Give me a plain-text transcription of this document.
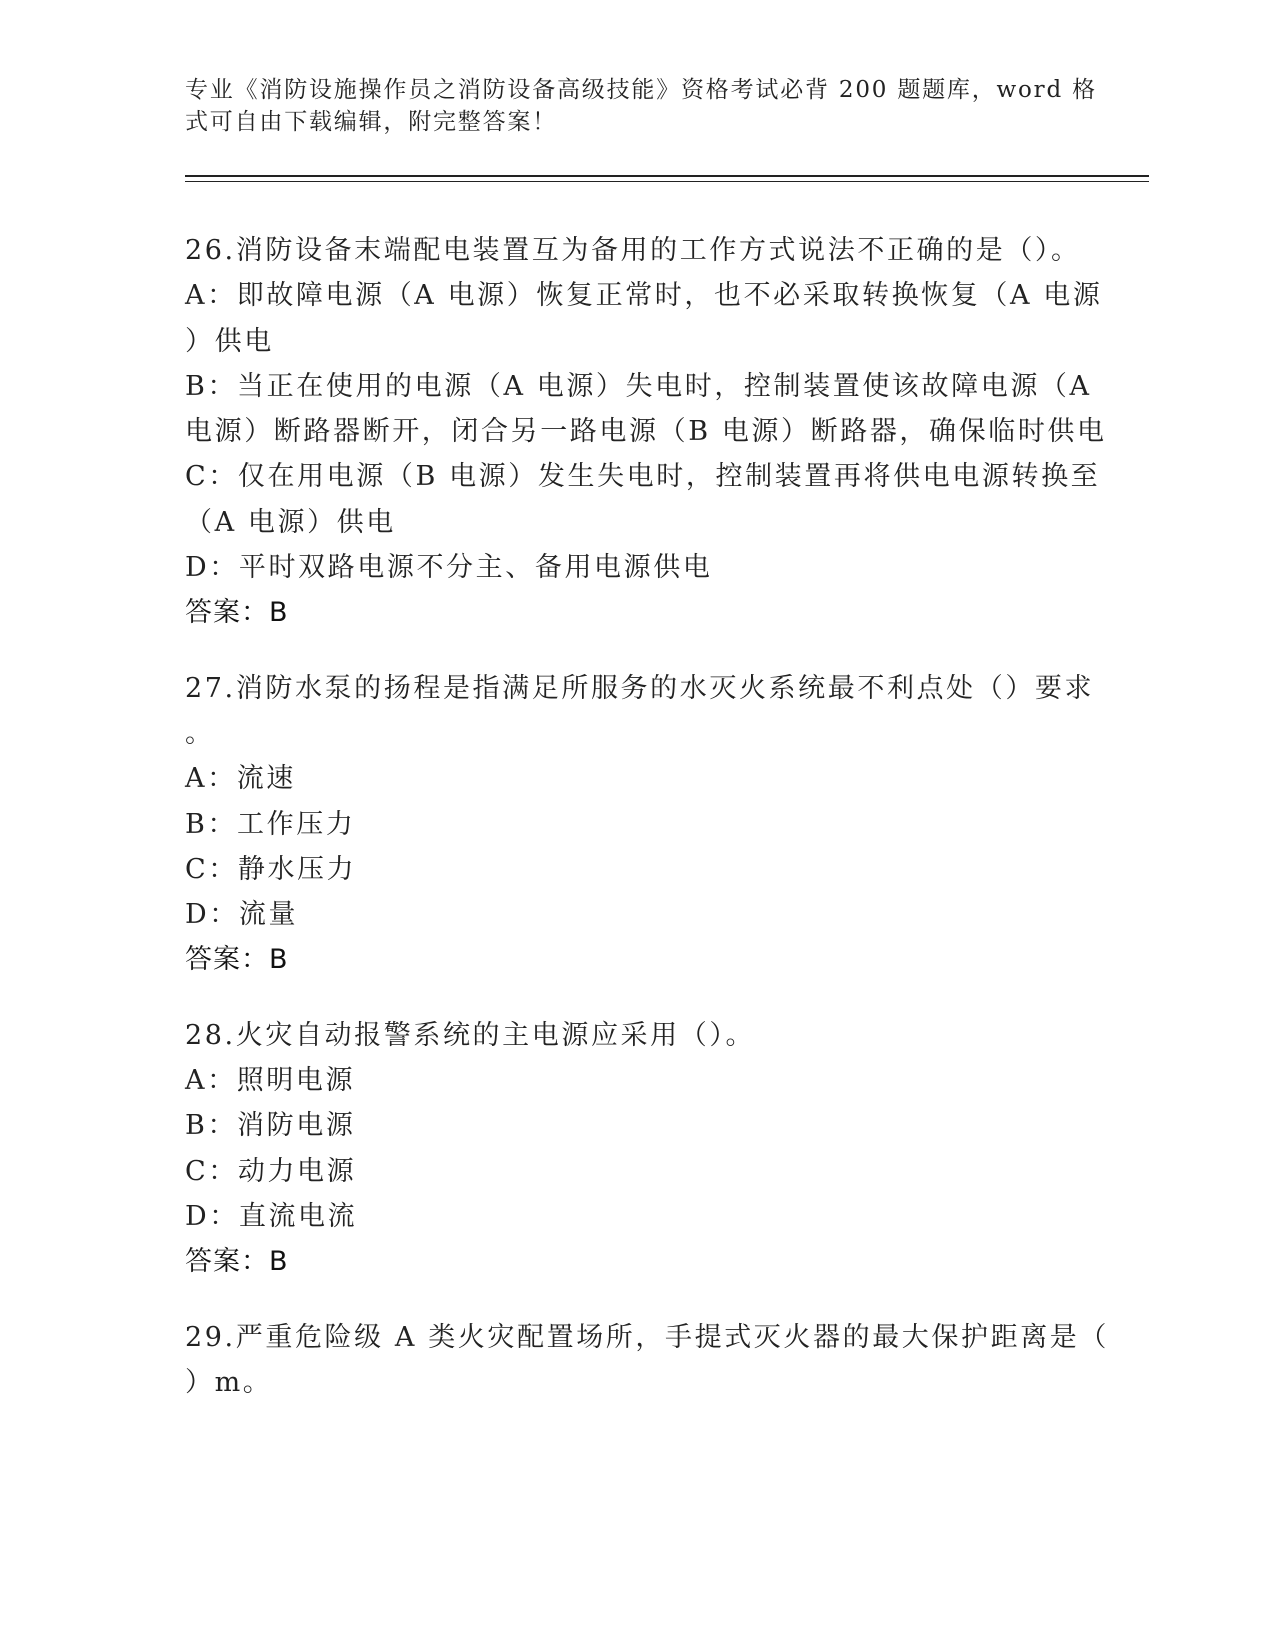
专业《消防设施操作员之消防设备高级技能》资格考试必背 200 题题库，word 格
式可自由下载编辑，附完整答案！
26.消防设备末端配电装置互为备用的工作方式说法不正确的是（）。
A：即故障电源（A 电源）恢复正常时，也不必采取转换恢复（A 电源
）供电
B：当正在使用的电源（A 电源）失电时，控制装置使该故障电源（A
电源）断路器断开，闭合另一路电源（B 电源）断路器，确保临时供电
C：仅在用电源（B 电源）发生失电时，控制装置再将供电电源转换至
（A 电源）供电
D：平时双路电源不分主、备用电源供电
答案：B
27.消防水泵的扬程是指满足所服务的水灭火系统最不利点处（）要求
。
A：流速
B：工作压力
C：静水压力
D：流量
答案：B
28.火灾自动报警系统的主电源应采用（）。
A：照明电源
B：消防电源
C：动力电源
D：直流电流
答案：B
29.严重危险级 A 类火灾配置场所，手提式灭火器的最大保护距离是（
）m。
